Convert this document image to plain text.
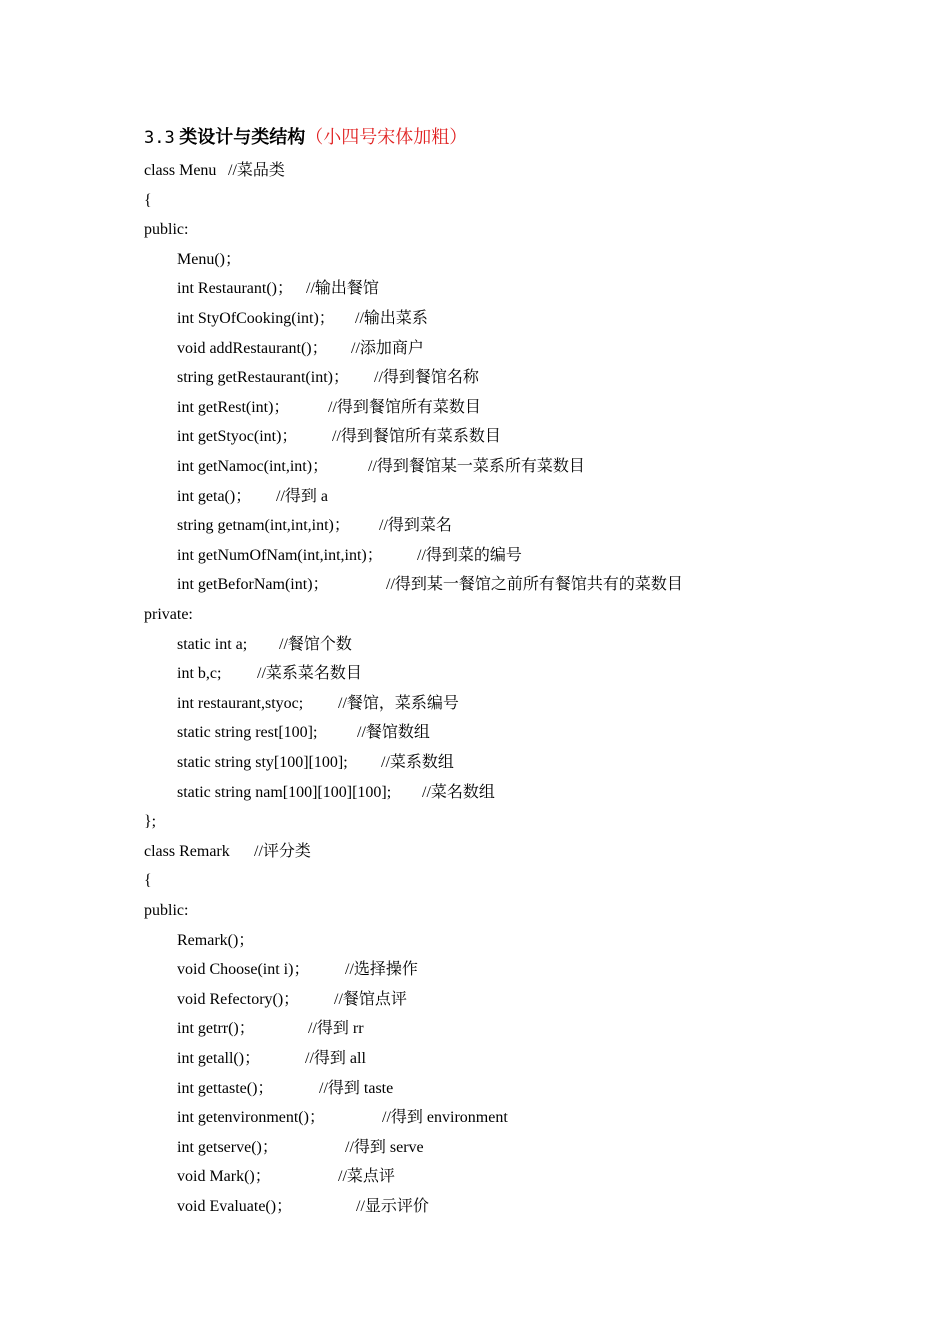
3.3 类设计与类结构（小四号宋体加粗）
class Menu //菜品类
{
public:
Menu()；
int Restaurant()； //输出餐馆
int StyOfCooking(int)； //输出菜系
void addRestaurant()； //添加商户
string getRestaurant(int)； //得到餐馆名称
int getRest(int)； //得到餐馆所有菜数目
int getStyoc(int)； //得到餐馆所有菜系数目
int getNamoc(int,int)； //得到餐馆某一菜系所有菜数目
int geta()； //得到 a
string getnam(int,int,int)； //得到菜名
int getNumOfNam(int,int,int)； //得到菜的编号
int getBeforNam(int)；	//得到某一餐馆之前所有餐馆共有的菜数目
private:
static int a; //餐馆个数
int b,c; //菜系菜名数目
int restaurant,styoc; //餐馆，菜系编号
static string rest[100]; //餐馆数组
static string sty[100][100]; //菜系数组
static string nam[100][100][100]; //菜名数组
};
class Remark //评分类
{
public:
Remark()；
void Choose(int i)； //选择操作
void Refectory()； //餐馆点评
int getrr()；	//得到 rr
int getall()；	//得到 all
int gettaste()；	//得到 taste
int getenvironment()；	//得到 environment
int getserve()；	//得到 serve
void Mark()；	//菜点评
void Evaluate()；	//显示评价
